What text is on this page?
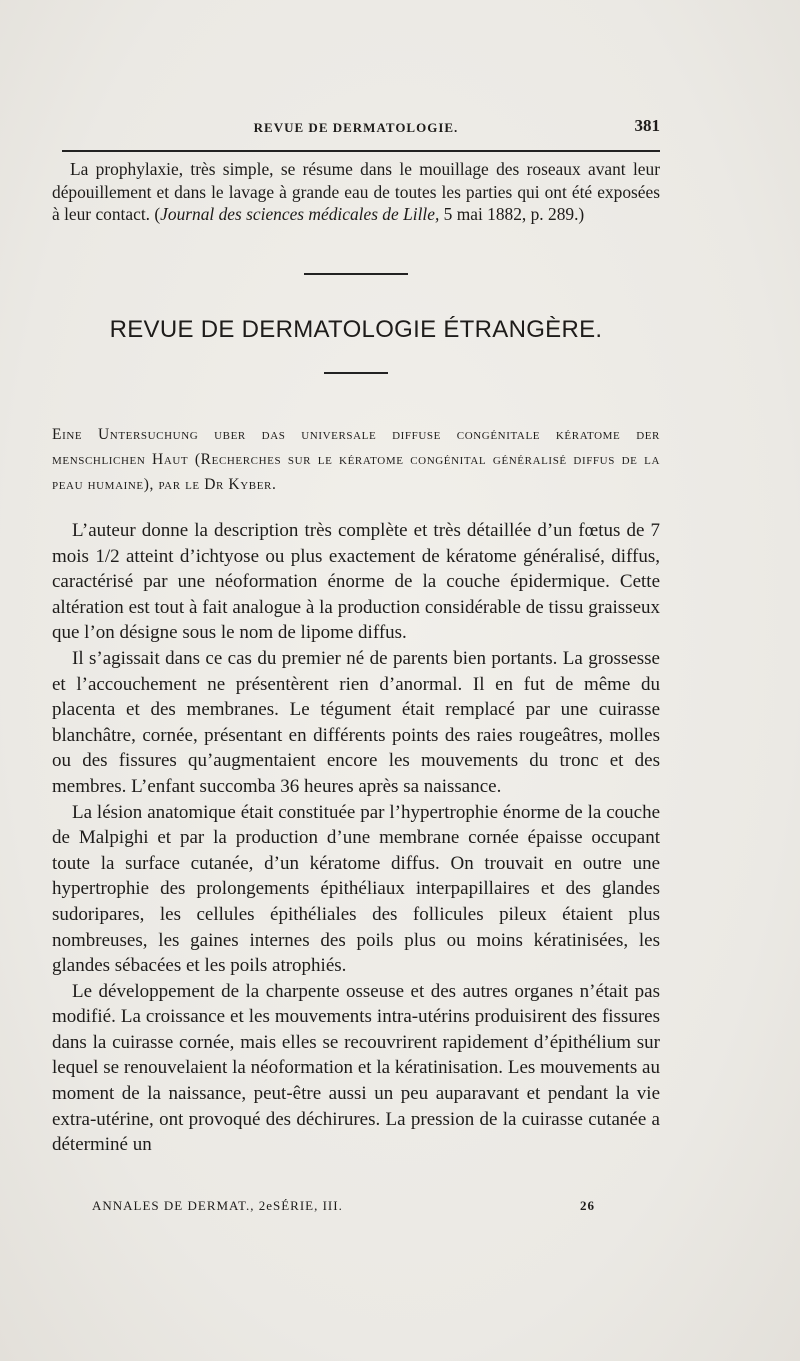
REVUE DE DERMATOLOGIE.	381

La prophylaxie, très simple, se résume dans le mouillage des roseaux avant leur dépouillement et dans le lavage à grande eau de toutes les parties qui ont été exposées à leur contact. (Journal des sciences médicales de Lille, 5 mai 1882, p. 289.)

REVUE DE DERMATOLOGIE ÉTRANGÈRE.

Eine Untersuchung uber das universale diffuse congénitale kératome der menschlichen Haut (Recherches sur le kératome congénital généralisé diffus de la peau humaine), par le Dr Kyber.

L’auteur donne la description très complète et très détaillée d’un fœtus de 7 mois 1/2 atteint d’ichtyose ou plus exactement de kératome généralisé, diffus, caractérisé par une néoformation énorme de la couche épidermique. Cette altération est tout à fait analogue à la production considérable de tissu graisseux que l’on désigne sous le nom de lipome diffus.

Il s’agissait dans ce cas du premier né de parents bien portants. La grossesse et l’accouchement ne présentèrent rien d’anormal. Il en fut de même du placenta et des membranes. Le tégument était remplacé par une cuirasse blanchâtre, cornée, présentant en différents points des raies rougeâtres, molles ou des fissures qu’augmentaient encore les mouvements du tronc et des membres. L’enfant succomba 36 heures après sa naissance.

La lésion anatomique était constituée par l’hypertrophie énorme de la couche de Malpighi et par la production d’une membrane cornée épaisse occupant toute la surface cutanée, d’un kératome diffus. On trouvait en outre une hypertrophie des prolongements épithéliaux interpapillaires et des glandes sudoripares, les cellules épithéliales des follicules pileux étaient plus nombreuses, les gaines internes des poils plus ou moins kératinisées, les glandes sébacées et les poils atrophiés.

Le développement de la charpente osseuse et des autres organes n’était pas modifié. La croissance et les mouvements intra-utérins produisirent des fissures dans la cuirasse cornée, mais elles se recouvrirent rapidement d’épithélium sur lequel se renouvelaient la néoformation et la kératinisation. Les mouvements au moment de la naissance, peut-être aussi un peu auparavant et pendant la vie extra-utérine, ont provoqué des déchirures. La pression de la cuirasse cutanée a déterminé un

ANNALES DE DERMAT., 2eSÉRIE, III.	26
